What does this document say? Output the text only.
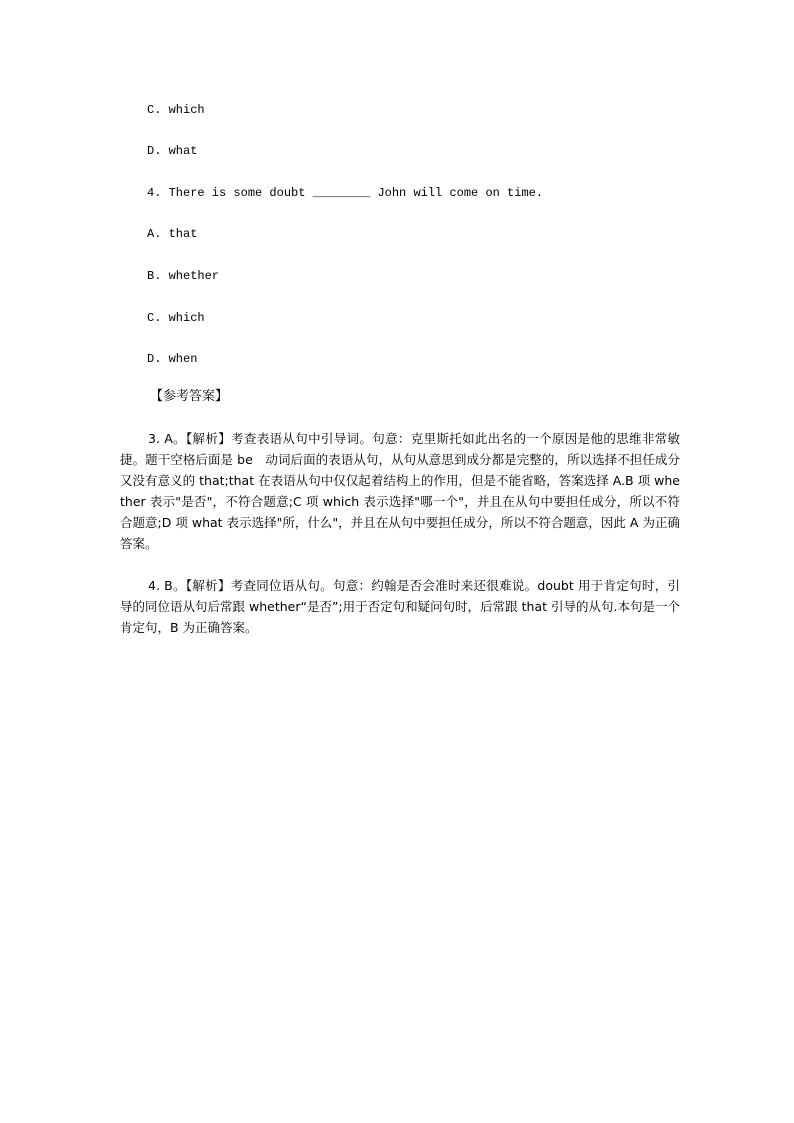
C. which
D. what
4. There is some doubt ________ John will come on time.
A. that
B. whether
C. which
D. when
【参考答案】
3. A。【解析】考查表语从句中引导词。句意：克里斯托如此出名的一个原因是他的思维非常敏捷。题干空格后面是 be　动词后面的表语从句，从句从意思到成分都是完整的，所以选择不担任成分又没有意义的 that;that 在表语从句中仅仅起着结构上的作用，但是不能省略，答案选择 A.B 项 whether 表示"是否"，不符合题意;C 项 which 表示选择"哪一个"，并且在从句中要担任成分，所以不符合题意;D 项 what 表示选择"所，什么"，并且在从句中要担任成分，所以不符合题意，因此 A 为正确答案。
4. B。【解析】考查同位语从句。句意：约翰是否会准时来还很难说。doubt 用于肯定句时，引导的同位语从句后常跟 whether“是否”;用于否定句和疑问句时，后常跟 that 引导的从句.本句是一个肯定句，B 为正确答案。
